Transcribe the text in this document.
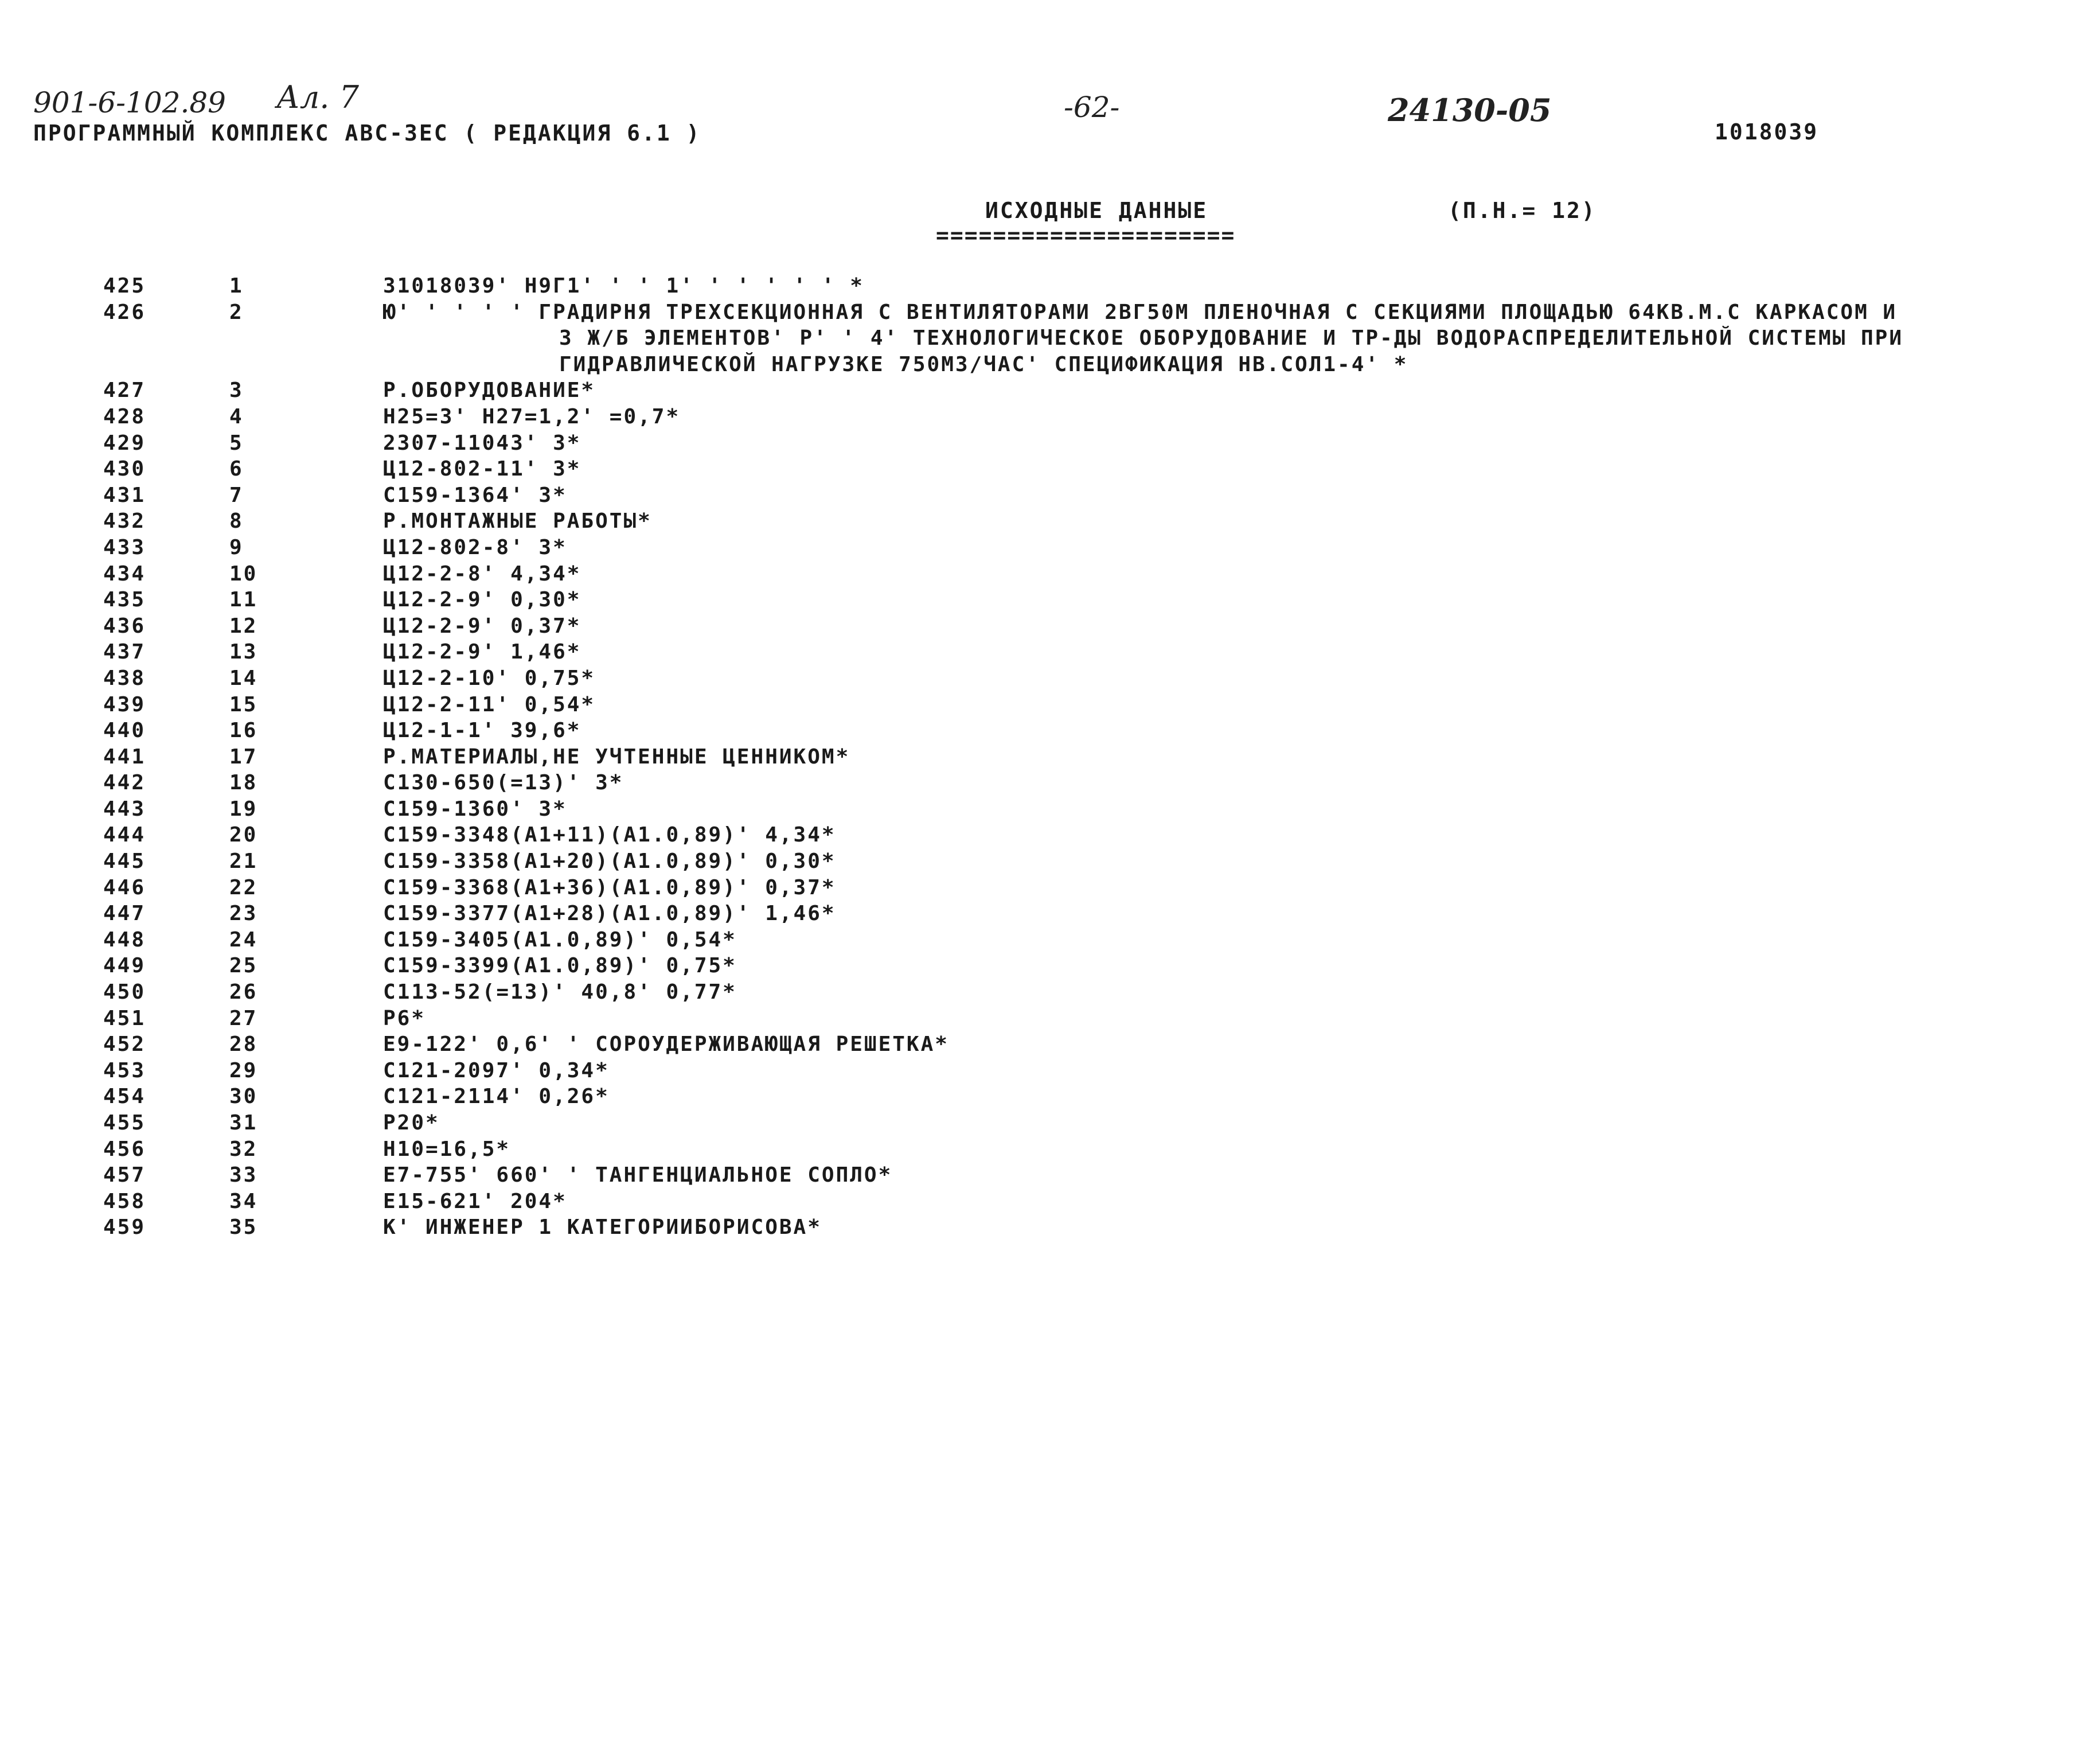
901-6-102.89 Ал. 7
ПРОГРАММНЫЙ КОМПЛЕКС АВС-3ЕС ( РЕДАКЦИЯ 6.1 )
-62-	24130-05
1018039
ИСХОДНЫЕ ДАННЫЕ	(П.Н.= 12)
=====================
425	1	31018039' Н9Г1' ' ' 1' ' ' ' ' ' *
426	2	Ю' ' ' ' ' ГРАДИРНЯ ТРЕХСЕКЦИОННАЯ С ВЕНТИЛЯТОРАМИ 2ВГ50М ПЛЕНОЧНАЯ С СЕКЦИЯМИ ПЛОЩАДЬЮ 64КВ.М.С КАРКАСОМ И
3 Ж/Б ЭЛЕМЕНТОВ' Р' ' 4' ТЕХНОЛОГИЧЕСКОЕ ОБОРУДОВАНИЕ И ТР-ДЫ ВОДОРАСПРЕДЕЛИТЕЛЬНОЙ СИСТЕМЫ ПРИ
ГИДРАВЛИЧЕСКОЙ НАГРУЗКЕ 750М3/ЧАС' СПЕЦИФИКАЦИЯ НВ.СОЛ1-4' *
427	3	Р.ОБОРУДОВАНИЕ*
428	4	Н25=3' Н27=1,2' =0,7*
429	5	2307-11043' 3*
430	6	Ц12-802-11' 3*
431	7	С159-1364' 3*
432	8	Р.МОНТАЖНЫЕ РАБОТЫ*
433	9	Ц12-802-8' 3*
434	10	Ц12-2-8' 4,34*
435	11	Ц12-2-9' 0,30*
436	12	Ц12-2-9' 0,37*
437	13	Ц12-2-9' 1,46*
438	14	Ц12-2-10' 0,75*
439	15	Ц12-2-11' 0,54*
440	16	Ц12-1-1' 39,6*
441	17	Р.МАТЕРИАЛЫ,НЕ УЧТЕННЫЕ ЦЕННИКОМ*
442	18	С130-650(=13)' 3*
443	19	С159-1360' 3*
444	20	С159-3348(А1+11)(А1.0,89)' 4,34*
445	21	С159-3358(А1+20)(А1.0,89)' 0,30*
446	22	С159-3368(А1+36)(А1.0,89)' 0,37*
447	23	С159-3377(А1+28)(А1.0,89)' 1,46*
448	24	С159-3405(А1.0,89)' 0,54*
449	25	С159-3399(А1.0,89)' 0,75*
450	26	С113-52(=13)' 40,8' 0,77*
451	27	Р6*
452	28	Е9-122' 0,6' ' СОРОУДЕРЖИВАЮЩАЯ РЕШЕТКА*
453	29	С121-2097' 0,34*
454	30	С121-2114' 0,26*
455	31	Р20*
456	32	Н10=16,5*
457	33	Е7-755' 660' ' ТАНГЕНЦИАЛЬНОЕ СОПЛО*
458	34	Е15-621' 204*
459	35	К' ИНЖЕНЕР 1 КАТЕГОРИИБОРИСОВА*
